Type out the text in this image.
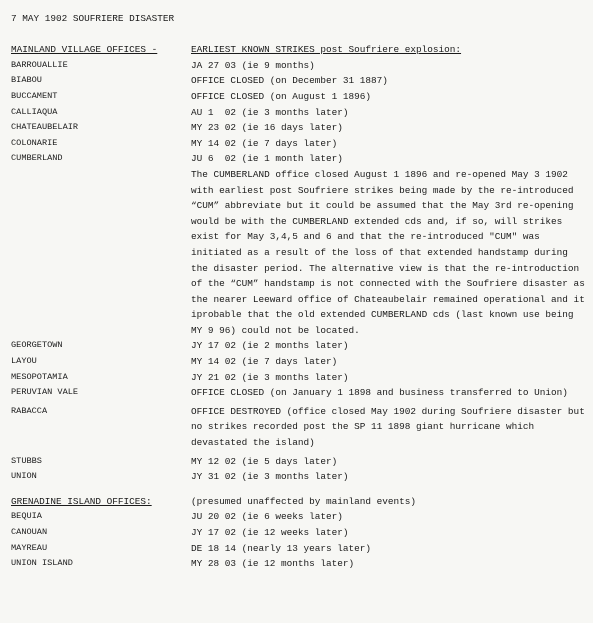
7 MAY 1902 SOUFRIERE DISASTER
MAINLAND VILLAGE OFFICES -	EARLIEST KNOWN STRIKES post Soufriere explosion:
BARROUALLIE	JA 27 03 (ie 9 months)
BIABOU	OFFICE CLOSED (on December 31 1887)
BUCCAMENT	OFFICE CLOSED (on August 1 1896)
CALLIAQUA	AU 1  02 (ie 3 months later)
CHATEAUBELAIR	MY 23 02 (ie 16 days later)
COLONARIE	MY 14 02 (ie 7 days later)
CUMBERLAND	JU 6  02 (ie 1 month later)
The CUMBERLAND office closed August 1 1896 and re-opened May 3 1902 with earliest post Soufriere strikes being made by the re-introduced “CUM” abbreviate but it could be assumed that the May 3rd re-opening would be with the CUMBERLAND extended cds and, if so, will strikes exist for May 3,4,5 and 6 and that the re-introduced "CUM" was initiated as a result of the loss of that extended handstamp during the disaster period. The alternative view is that the re-introduction of the “CUM” handstamp is not connected with the Soufriere disaster as the nearer Leeward office of Chateaubelair remained operational and it iprobable that the old extended CUMBERLAND cds (last known use being MY 9 96) could not be located.
GEORGETOWN	JY 17 02 (ie 2 months later)
LAYOU	MY 14 02 (ie 7 days later)
MESOPOTAMIA	JY 21 02 (ie 3 months later)
PERUVIAN VALE	OFFICE CLOSED (on January 1 1898 and business transferred to Union)
RABACCA	OFFICE DESTROYED (office closed May 1902 during Soufriere disaster but no strikes recorded post the SP 11 1898 giant hurricane which devastated the island)
STUBBS	MY 12 02 (ie 5 days later)
UNION	JY 31 02 (ie 3 months later)
GRENADINE ISLAND OFFICES:	(presumed unaffected by mainland events)
BEQUIA	JU 20 02 (ie 6 weeks later)
CANOUAN	JY 17 02 (ie 12 weeks later)
MAYREAU	DE 18 14 (nearly 13 years later)
UNION ISLAND	MY 28 03 (ie 12 months later)
